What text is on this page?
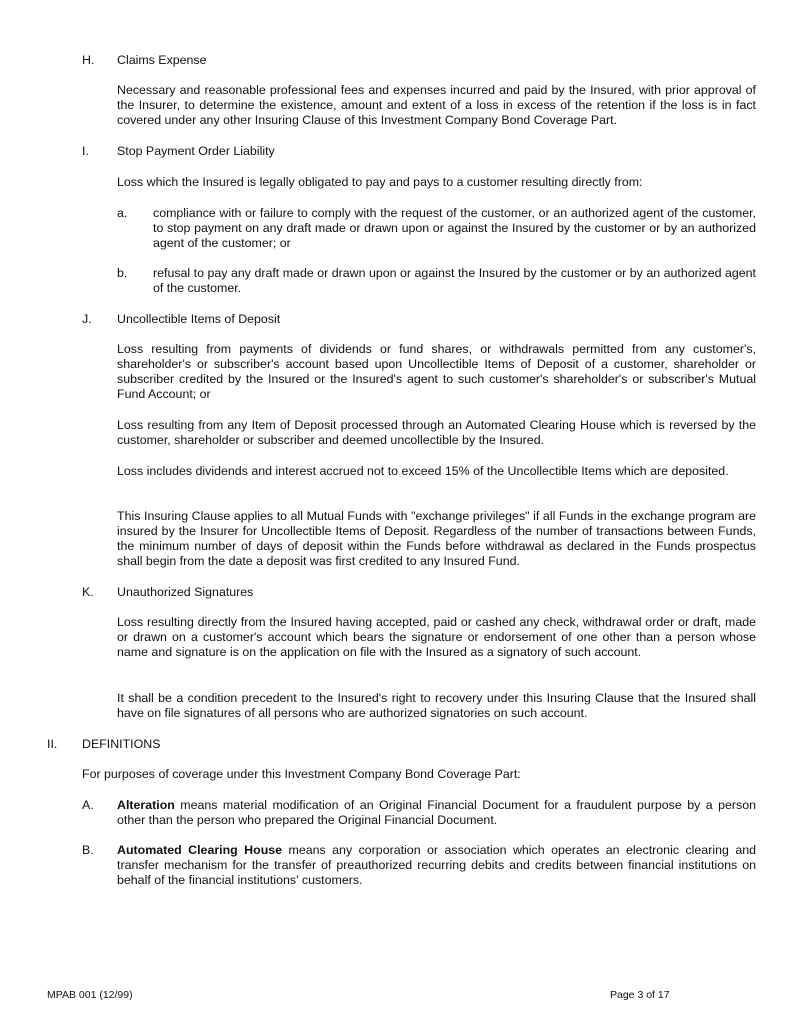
H. Claims Expense
Necessary and reasonable professional fees and expenses incurred and paid by the Insured, with prior approval of the Insurer, to determine the existence, amount and extent of a loss in excess of the retention if the loss is in fact covered under any other Insuring Clause of this Investment Company Bond Coverage Part.
I. Stop Payment Order Liability
Loss which the Insured is legally obligated to pay and pays to a customer resulting directly from:
a. compliance with or failure to comply with the request of the customer, or an authorized agent of the customer, to stop payment on any draft made or drawn upon or against the Insured by the customer or by an authorized agent of the customer; or
b. refusal to pay any draft made or drawn upon or against the Insured by the customer or by an authorized agent of the customer.
J. Uncollectible Items of Deposit
Loss resulting from payments of dividends or fund shares, or withdrawals permitted from any customer's, shareholder's or subscriber's account based upon Uncollectible Items of Deposit of a customer, shareholder or subscriber credited by the Insured or the Insured's agent to such customer's shareholder's or subscriber's Mutual Fund Account; or
Loss resulting from any Item of Deposit processed through an Automated Clearing House which is reversed by the customer, shareholder or subscriber and deemed uncollectible by the Insured.
Loss includes dividends and interest accrued not to exceed 15% of the Uncollectible Items which are deposited.
This Insuring Clause applies to all Mutual Funds with "exchange privileges" if all Funds in the exchange program are insured by the Insurer for Uncollectible Items of Deposit. Regardless of the number of transactions between Funds, the minimum number of days of deposit within the Funds before withdrawal as declared in the Funds prospectus shall begin from the date a deposit was first credited to any Insured Fund.
K. Unauthorized Signatures
Loss resulting directly from the Insured having accepted, paid or cashed any check, withdrawal order or draft, made or drawn on a customer's account which bears the signature or endorsement of one other than a person whose name and signature is on the application on file with the Insured as a signatory of such account.
It shall be a condition precedent to the Insured's right to recovery under this Insuring Clause that the Insured shall have on file signatures of all persons who are authorized signatories on such account.
II. DEFINITIONS
For purposes of coverage under this Investment Company Bond Coverage Part:
A. Alteration means material modification of an Original Financial Document for a fraudulent purpose by a person other than the person who prepared the Original Financial Document.
B. Automated Clearing House means any corporation or association which operates an electronic clearing and transfer mechanism for the transfer of preauthorized recurring debits and credits between financial institutions on behalf of the financial institutions' customers.
MPAB 001 (12/99)	Page 3 of 17
